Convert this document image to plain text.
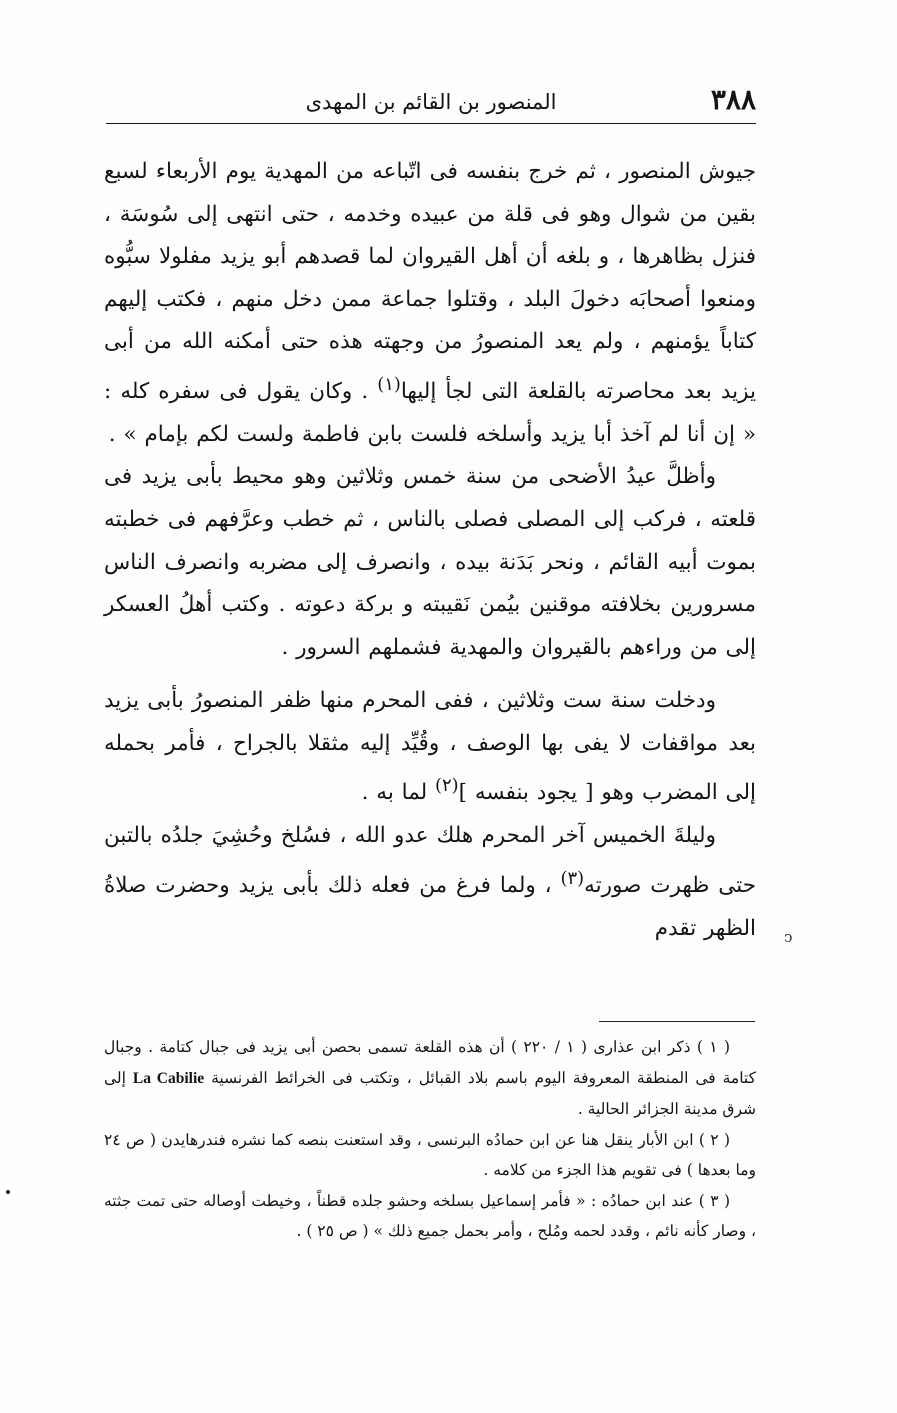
٣٨٨
المنصور بن القائم بن المهدى

جيوش المنصور ، ثم خرج بنفسه فى اتّباعه من المهدية يوم الأربعاء لسبع بقين من شوال وهو فى قلة من عبيده وخدمه ، حتى انتهى إلى سُوسَة ، فنزل بظاهرها ، و بلغه أن أهل القيروان لما قصدهم أبو يزيد مفلولا سبُّوه ومنعوا أصحابَه دخولَ البلد ، وقتلوا جماعة ممن دخل منهم ، فكتب إليهم كتاباً يؤمنهم ، ولم يعد المنصورُ من وجهته هذه حتى أمكنه الله من أبى يزيد بعد محاصرته بالقلعة التى لجأ إليها$^{(١)}$ . وكان يقول فى سفره كله : « إن أنا لم آخذ أبا يزيد وأسلخه فلست بابن فاطمة ولست لكم بإمام » .

وأظلَّ عيدُ الأضحى من سنة خمس وثلاثين وهو محيط بأبى يزيد فى قلعته ، فركب إلى المصلى فصلى بالناس ، ثم خطب وعرَّفهم فى خطبته بموت أبيه القائم ، ونحر بَدَنة بيده ، وانصرف إلى مضربه وانصرف الناس مسرورين بخلافته موقنين بيُمن نَقيبته و بركة دعوته . وكتب أهلُ العسكر إلى من وراءهم بالقيروان والمهدية فشملهم السرور .

ودخلت سنة ست وثلاثين ، ففى المحرم منها ظفر المنصورُ بأبى يزيد بعد مواقفات لا يفى بها الوصف ، وقُيِّد إليه مثقلا بالجراح ، فأمر بحمله إلى المضرب وهو [ يجود بنفسه ]$^{(٢)}$ لما به .

وليلةَ الخميس آخر المحرم هلك عدو الله ، فسُلخ وحُشِيَ جلدُه بالتبن حتى ظهرت صورته$^{(٣)}$ ، ولما فرغ من فعله ذلك بأبى يزيد وحضرت صلاةُ الظهر تقدم

( ١ ) ذكر ابن عذارى ( ١ / ٢٢٠ ) أن هذه القلعة تسمى بحصن أبى يزيد فى جبال كتامة . وجبال كتامة فى المنطقة المعروفة اليوم باسم بلاد القبائل ، وتكتب فى الخرائط الفرنسية La Cabilie إلى شرق مدينة الجزائر الحالية .

( ٢ ) ابن الأبار ينقل هنا عن ابن حمادُه البرنسى ، وقد استعنت بنصه كما نشره فندرهايدن ( ص ٢٤ وما بعدها ) فى تقويم هذا الجزء من كلامه .

( ٣ ) عند ابن حمادُه : « فأمر إسماعيل بسلخه وحشو جلده قطناً ، وخيطت أوصاله حتى تمت جثته ، وصار كأنه نائم ، وقدد لحمه ومُلح ، وأمر بحمل جميع ذلك » ( ص ٢٥ ) .

ↄ
